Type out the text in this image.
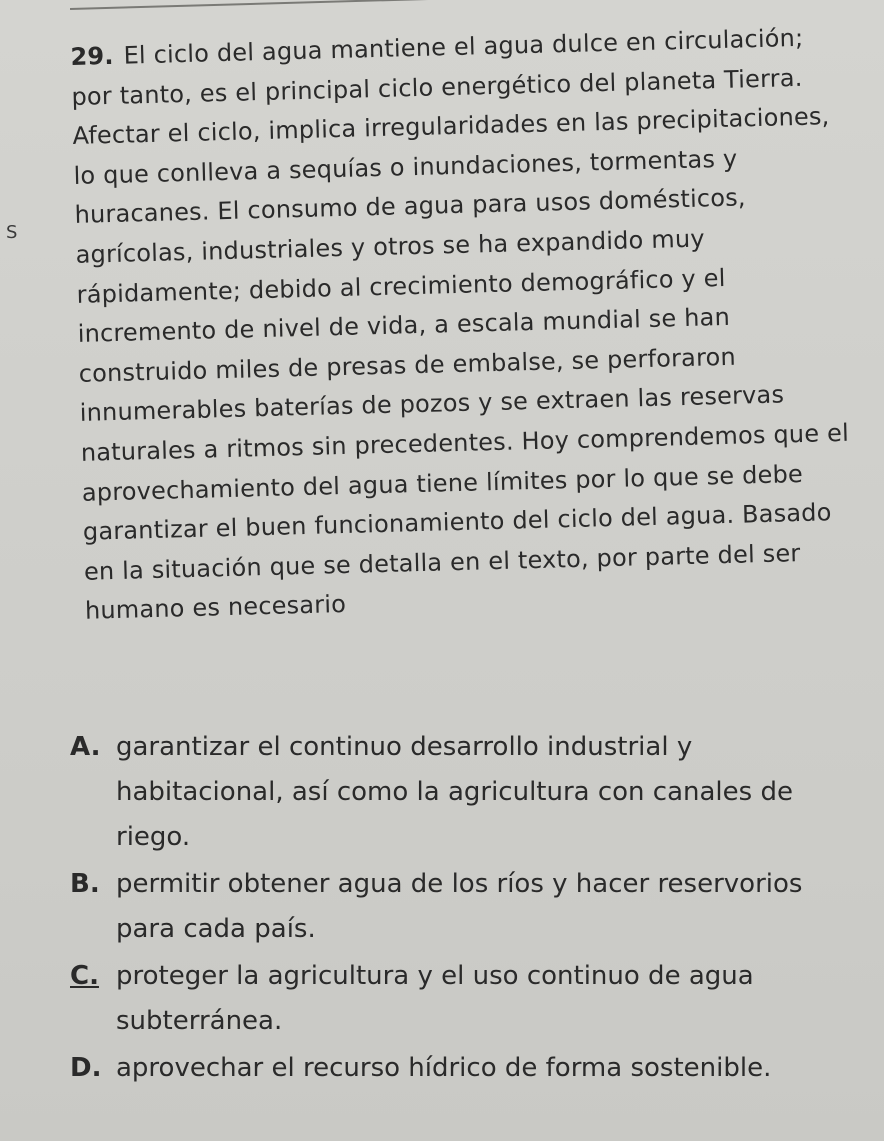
S

29. El ciclo del agua mantiene el agua dulce en circulación; por tanto, es el principal ciclo energético del planeta Tierra. Afectar el ciclo, implica irregularidades en las precipitaciones, lo que conlleva a sequías o inundaciones, tormentas y huracanes. El consumo de agua para usos domésticos, agrícolas, industriales y otros se ha expandido muy rápidamente; debido al crecimiento demográfico y el incremento de nivel de vida, a escala mundial se han construido miles de presas de embalse, se perforaron innumerables baterías de pozos y se extraen las reservas naturales a ritmos sin precedentes. Hoy comprendemos que el aprovechamiento del agua tiene límites por lo que se debe garantizar el buen funcionamiento del ciclo del agua. Basado en la situación que se detalla en el texto, por parte del ser humano es necesario

A. garantizar el continuo desarrollo industrial y habitacional, así como la agricultura con canales de riego.
B. permitir obtener agua de los ríos y hacer reservorios para cada país.
C. proteger la agricultura y el uso continuo de agua subterránea.
D. aprovechar el recurso hídrico de forma sostenible.
